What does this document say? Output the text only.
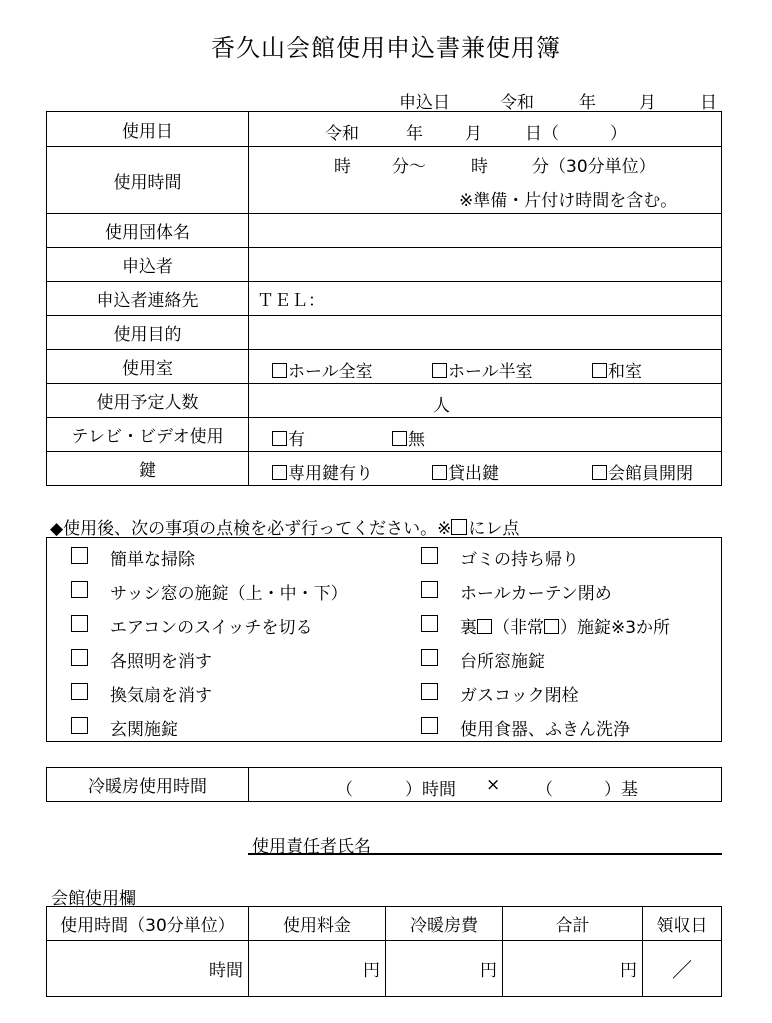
香久山会館使用申込書兼使用簿
申込日	令和	年	月	日
使用日	令和 年 月 日（　　　）

使用時間	時 分～ 時 分（30分単位）
※準備・片付け時間を含む。

使用団体名	
申込者	
申込者連絡先	ＴＥＬ：
使用目的	
使用室	ホール全室 ホール半室 和室

使用予定人数	人

テレビ・ビデオ使用	有 無

鍵	専用鍵有り 貸出鍵 会館員開閉
◆使用後、次の事項の点検を必ず行ってください。※ にレ点
簡単な掃除
サッシ窓の施錠（上・中・下）
エアコンのスイッチを切る
各照明を消す
換気扇を消す
玄関施錠
ゴミの持ち帰り
ホールカーテン閉め
裏 （非常 ）施錠※3か所
台所窓施錠
ガスコック閉栓
使用食器、ふきん洗浄
冷暖房使用時間	（	）時間 × （	）基
使用責任者氏名
会館使用欄
使用時間（30分単位）	使用料金	冷暖房費	合計	領収日
時間	円	円	円	／
